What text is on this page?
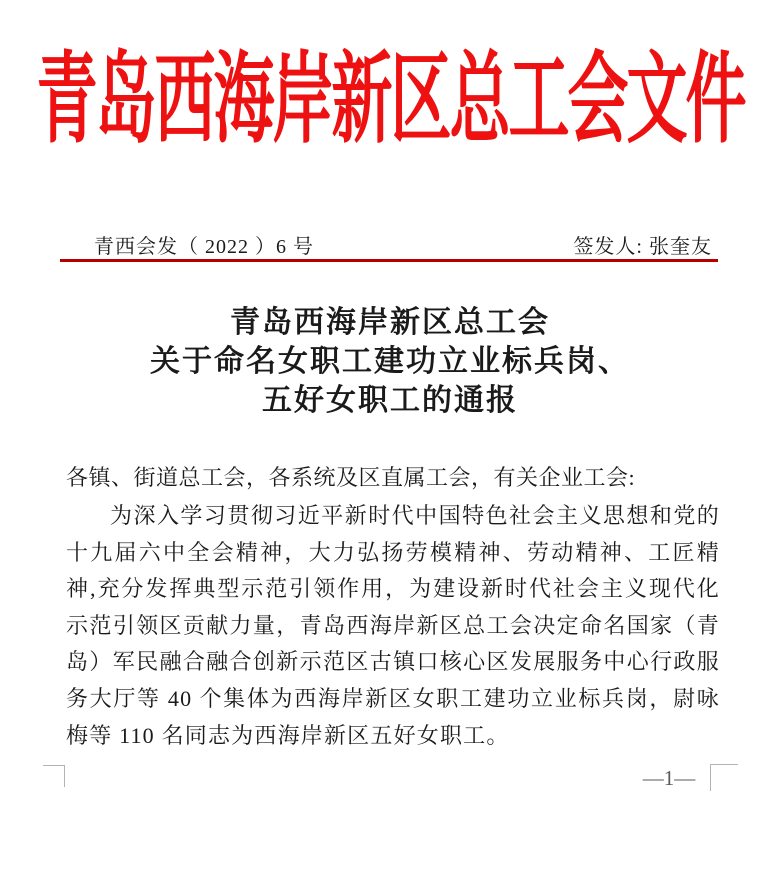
青岛西海岸新区总工会文件
青西会发（ 2022 ）6 号	签发人: 张奎友
青岛西海岸新区总工会
关于命名女职工建功立业标兵岗、
五好女职工的通报
各镇、街道总工会，各系统及区直属工会，有关企业工会:

为深入学习贯彻习近平新时代中国特色社会主义思想和党的十九届六中全会精神，大力弘扬劳模精神、劳动精神、工匠精神,充分发挥典型示范引领作用，为建设新时代社会主义现代化示范引领区贡献力量，青岛西海岸新区总工会决定命名国家（青岛）军民融合融合创新示范区古镇口核心区发展服务中心行政服务大厅等 40 个集体为西海岸新区女职工建功立业标兵岗，尉咏梅等 110 名同志为西海岸新区五好女职工。

—1—
